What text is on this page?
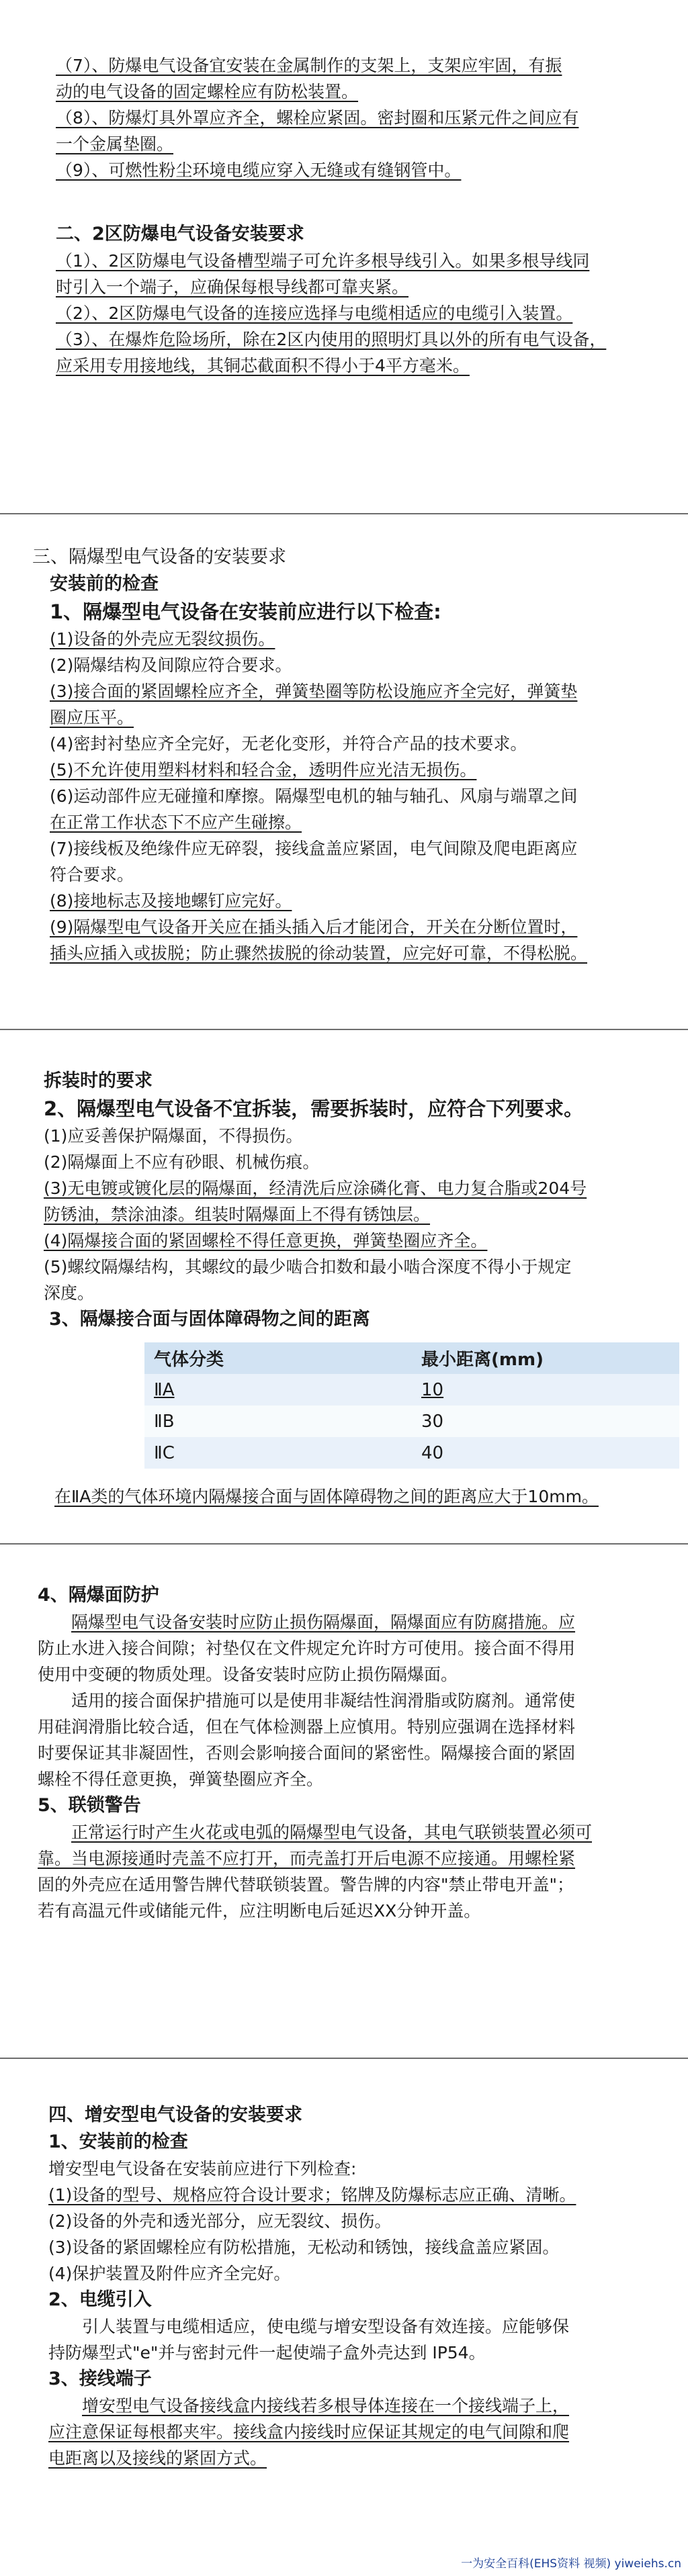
（7）、防爆电气设备宜安装在金属制作的支架上，支架应牢固，有振

动的电气设备的固定螺栓应有防松装置。

（8）、防爆灯具外罩应齐全，螺栓应紧固。密封圈和压紧元件之间应有

一个金属垫圈。

（9）、可燃性粉尘环境电缆应穿入无缝或有缝钢管中。

二、2区防爆电气设备安装要求

（1）、2区防爆电气设备槽型端子可允许多根导线引入。如果多根导线同

时引入一个端子，应确保每根导线都可靠夹紧。

（2）、2区防爆电气设备的连接应选择与电缆相适应的电缆引入装置。

（3）、在爆炸危险场所，除在2区内使用的照明灯具以外的所有电气设备，

应采用专用接地线，其铜芯截面积不得小于4平方毫米。

三、隔爆型电气设备的安装要求

安装前的检查

1、隔爆型电气设备在安装前应进行以下检查:

(1)设备的外壳应无裂纹损伤。

(2)隔爆结构及间隙应符合要求。

(3)接合面的紧固螺栓应齐全，弹簧垫圈等防松设施应齐全完好，弹簧垫

圈应压平。

(4)密封衬垫应齐全完好，无老化变形，并符合产品的技术要求。

(5)不允许使用塑料材料和轻合金，透明件应光洁无损伤。

(6)运动部件应无碰撞和摩擦。隔爆型电机的轴与轴孔、风扇与端罩之间

在正常工作状态下不应产生碰擦。

(7)接线板及绝缘件应无碎裂，接线盒盖应紧固，电气间隙及爬电距离应

符合要求。

(8)接地标志及接地螺钉应完好。

(9)隔爆型电气设备开关应在插头插入后才能闭合，开关在分断位置时，

插头应插入或拔脱；防止骤然拔脱的徐动装置，应完好可靠，不得松脱。

拆装时的要求

2、隔爆型电气设备不宜拆装，需要拆装时，应符合下列要求。

(1)应妥善保护隔爆面，不得损伤。

(2)隔爆面上不应有砂眼、机械伤痕。

(3)无电镀或镀化层的隔爆面，经清洗后应涂磷化膏、电力复合脂或204号

防锈油，禁涂油漆。组装时隔爆面上不得有锈蚀层。

(4)隔爆接合面的紧固螺栓不得任意更换，弹簧垫圈应齐全。

(5)螺纹隔爆结构，其螺纹的最少啮合扣数和最小啮合深度不得小于规定

深度。

3、隔爆接合面与固体障碍物之间的距离

气体分类	最小距离(mm)
ⅡA	10
ⅡB	30
ⅡC	40

在ⅡA类的气体环境内隔爆接合面与固体障碍物之间的距离应大于10mm。

4、隔爆面防护

隔爆型电气设备安装时应防止损伤隔爆面，隔爆面应有防腐措施。应

防止水进入接合间隙；衬垫仅在文件规定允许时方可使用。接合面不得用

使用中变硬的物质处理。设备安装时应防止损伤隔爆面。

适用的接合面保护措施可以是使用非凝结性润滑脂或防腐剂。通常使

用硅润滑脂比较合适，但在气体检测器上应慎用。特别应强调在选择材料

时要保证其非凝固性，否则会影响接合面间的紧密性。隔爆接合面的紧固

螺栓不得任意更换，弹簧垫圈应齐全。

5、联锁警告

正常运行时产生火花或电弧的隔爆型电气设备，其电气联锁装置必须可

靠。当电源接通时壳盖不应打开，而壳盖打开后电源不应接通。用螺栓紧

固的外壳应在适用警告牌代替联锁装置。警告牌的内容"禁止带电开盖"；

若有高温元件或储能元件，应注明断电后延迟XX分钟开盖。

四、增安型电气设备的安装要求

1、安装前的检查

增安型电气设备在安装前应进行下列检查:

(1)设备的型号、规格应符合设计要求；铭牌及防爆标志应正确、清晰。

(2)设备的外壳和透光部分，应无裂纹、损伤。

(3)设备的紧固螺栓应有防松措施，无松动和锈蚀，接线盒盖应紧固。

(4)保护装置及附件应齐全完好。

2、电缆引入

引人装置与电缆相适应，使电缆与增安型设备有效连接。应能够保

持防爆型式"e"并与密封元件一起使端子盒外壳达到 IP54。

3、接线端子

增安型电气设备接线盒内接线若多根导体连接在一个接线端子上，

应注意保证每根都夹牢。接线盒内接线时应保证其规定的电气间隙和爬

电距离以及接线的紧固方式。

一为安全百科(EHS资料 视频) yiweiehs.cn
